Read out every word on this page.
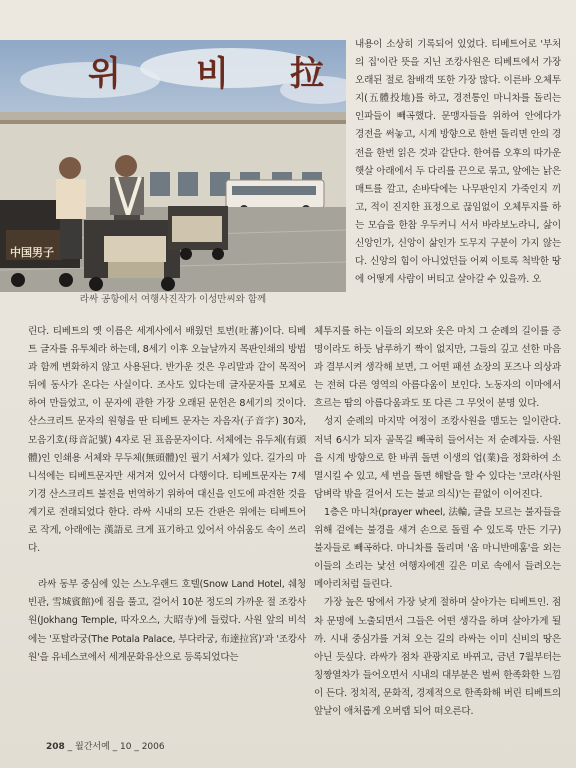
위 비 拉
中国男子
라싸 공항에서 여행사진작가 이성만씨와 함께

내용이 소상히 기록되어 있었다. 티베트어로 '부처의 집'이란 뜻을 지닌 조캉사원은 티베트에서 가장 오래된 절로 참배객 또한 가장 많다. 이른바 오체투지(五體投地)를 하고, 경전통인 마니차를 돌리는 인파들이 빼곡했다. 문맹자들을 위하여 안에다가 경전을 써놓고, 시계 방향으로 한번 돌리면 안의 경전을 한번 읽은 것과 같단다. 한여름 오후의 따가운 햇살 아래에서 두 다리를 끈으로 묶고, 앞에는 낡은 매트를 깔고, 손바닥에는 나무판인지 가죽인지 끼고, 적이 진지한 표정으로 끊임없이 오체투지를 하는 모습을 한참 우두커니 서서 바라보노라니, 삶이 신앙인가, 신앙이 삶인가 도무지 구분이 가지 않는다. 신앙의 힘이 아니었던들 어찌 이토록 척박한 땅에 어떻게 사람이 버티고 살아갈 수 있을까. 오

린다. 티베트의 옛 이름은 세계사에서 배웠던 토번(吐蕃)이다. 티베트 글자를 유투체라 하는데, 8세기 이후 오늘날까지 목판인쇄의 방법과 함께 변화하지 않고 사용된다. 반가운 것은 우리말과 같이 목적어 뒤에 동사가 온다는 사실이다. 조사도 있다는데 글자문자를 모체로 하여 만들었고, 이 문자에 관한 가장 오래된 문헌은 8세기의 것이다. 산스크리트 문자의 원형을 딴 티베트 문자는 자음자(子音字) 30자, 모음기호(母音記號) 4자로 된 표음문자이다. 서체에는 유두체(有頭體)인 인쇄용 서체와 무두체(無頭體)인 필기 서체가 있다. 길가의 마니석에는 티베트문자만 새겨져 있어서 다행이다. 티베트문자는 7세기경 산스크리트 불전을 번역하기 위하여 대신을 인도에 파견한 것을 계기로 전래되었다 한다. 라싸 시내의 모든 간판은 위에는 티베트어로 작게, 아래에는 漢語로 크게 표기하고 있어서 아쉬움도 속이 쓰리다.

라싸 동부 중심에 있는 스노우랜드 호텔(Snow Land Hotel, 쉐청빈관, 雪城賓館)에 짐을 풀고, 걸어서 10분 정도의 가까운 절 조캉사원(Jokhang Temple, 따자오스, 大昭寺)에 들렀다. 사원 앞의 비석에는 '포탈라궁(The Potala Palace, 부다라궁, 布達拉宮)'과 '조캉사원'을 유네스코에서 세계문화유산으로 등록되었다는

체투지를 하는 이들의 외모와 옷은 마치 그 순례의 길이를 증명이라도 하듯 남루하기 짝이 없지만, 그들의 깊고 선한 마음과 결부시켜 생각해 보면, 그 어떤 패션 쇼장의 포즈나 의상과는 전혀 다른 영역의 아름다움이 보인다. 노동자의 이마에서 흐르는 땀의 아름다움과도 또 다른 그 무엇이 분명 있다.

성지 순례의 마지막 여정이 조캉사원을 맴도는 일이란다. 저녁 6시가 되자 골목길 빼곡히 들어서는 저 순례자들. 사원을 시계 방향으로 한 바퀴 돌면 이생의 업(業)을 정화하여 소멸시킬 수 있고, 세 번을 돌면 해탈을 할 수 있다는 '코라(사원 담벼락 밖을 걸어서 도는 불교 의식)'는 끝없이 이어진다.

1층은 마니차(prayer wheel, 法輪, 글을 모르는 불자들을 위해 겉에는 불경을 새겨 손으로 돌릴 수 있도록 만든 기구) 불자들로 빼곡하다. 마니차를 돌리며 '옴 마니반메훔'을 외는 이들의 소리는 낯선 여행자에겐 깊은 미로 속에서 들려오는 메아리처럼 들린다.

가장 높은 땅에서 가장 낮게 절하며 살아가는 티베트인. 점차 문명에 노출되면서 그들은 어떤 생각을 하며 살아가게 될까. 시내 중심가를 거쳐 오는 길의 라싸는 이미 신비의 땅은 아닌 듯싶다. 라싸가 점차 관광지로 바뀌고, 금년 7월부터는 칭짱열차가 들어오면서 시내의 대부분은 벌써 한족화한 느낌이 든다. 정치적, 문화적, 경제적으로 한족화해 버린 티베트의 앞날이 애처롭게 오버랩 되어 떠오른다.

208 _ 월간서예 _ 10 _ 2006
